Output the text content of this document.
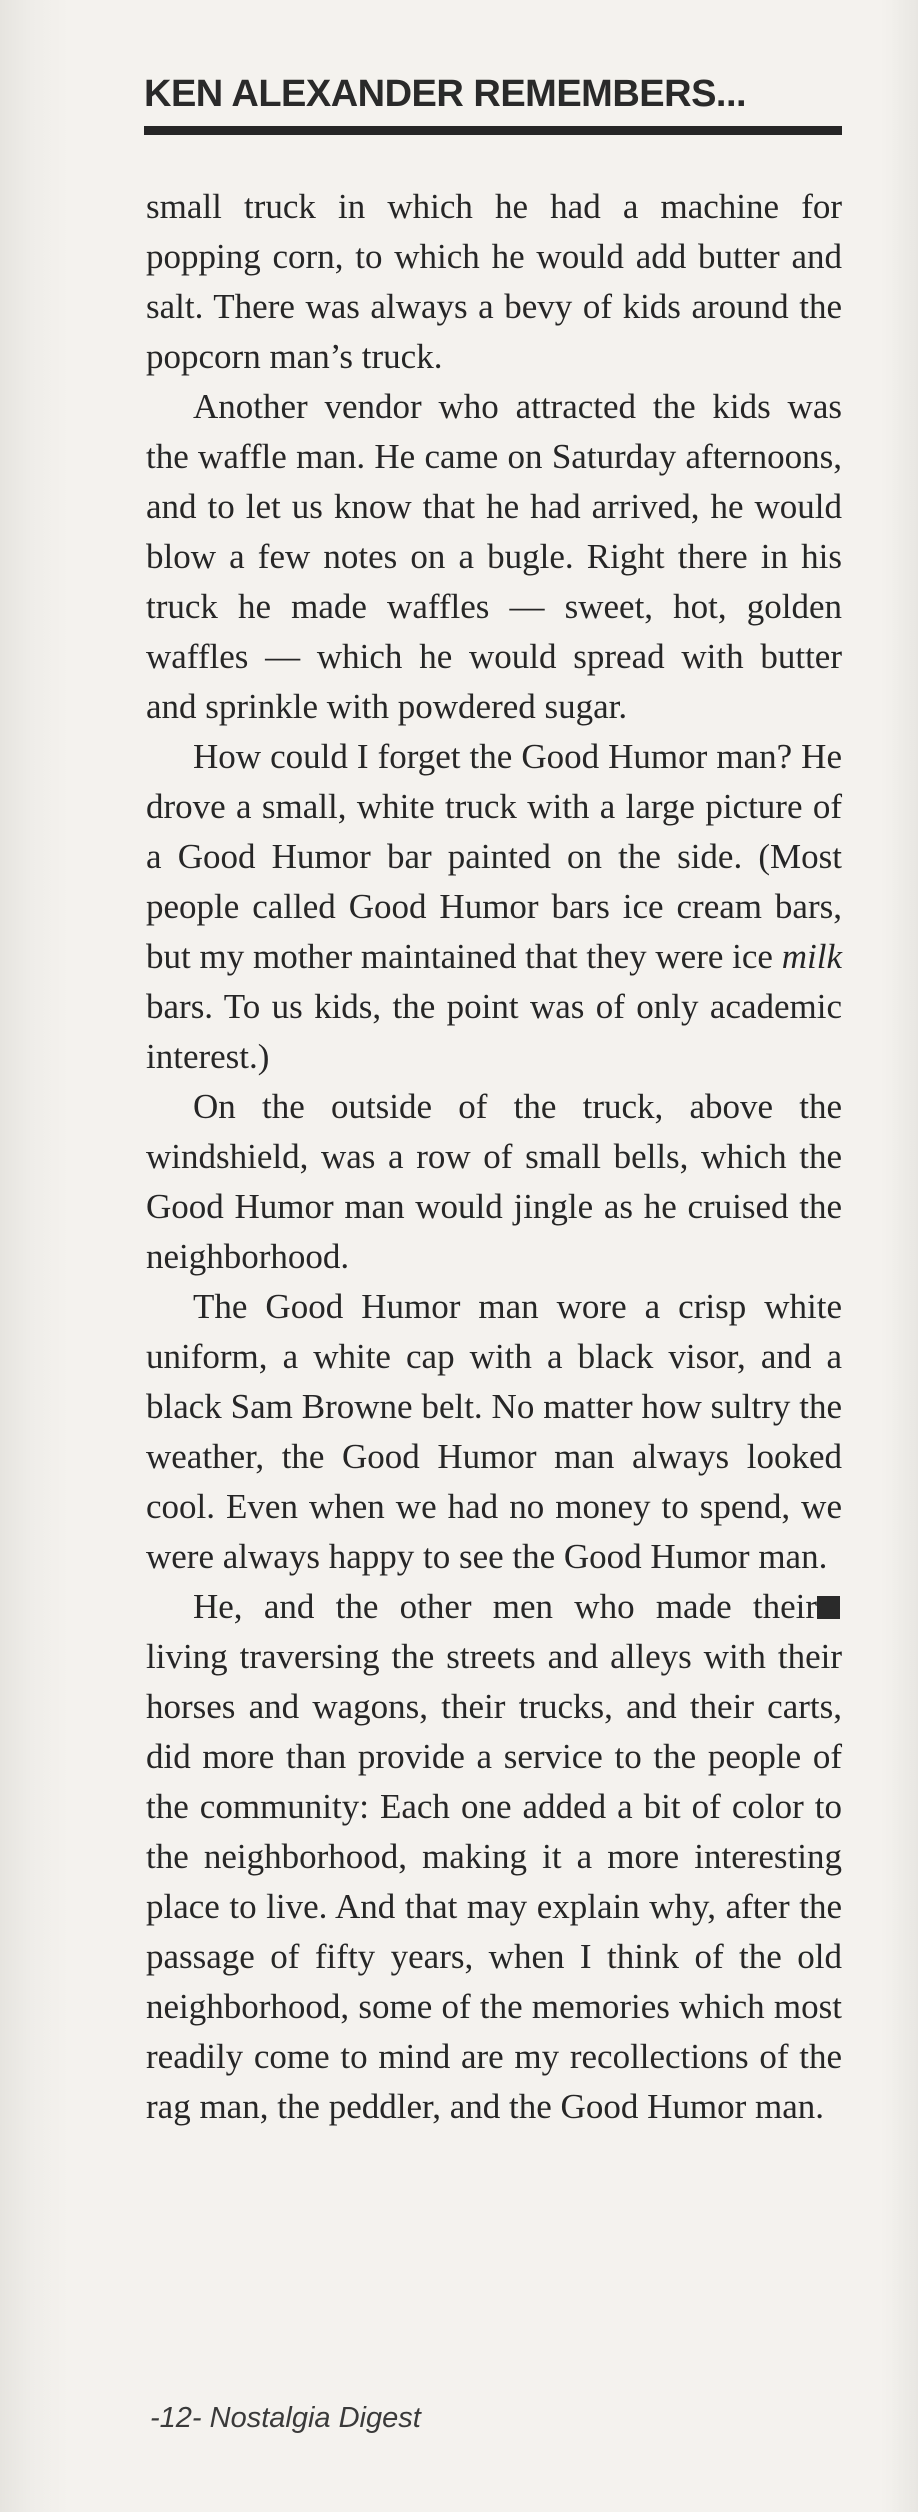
KEN ALEXANDER REMEMBERS...

small truck in which he had a machine for popping corn, to which he would add butter and salt. There was always a bevy of kids around the popcorn man’s truck.

Another vendor who attracted the kids was the waffle man. He came on Saturday afternoons, and to let us know that he had arrived, he would blow a few notes on a bugle. Right there in his truck he made waffles — sweet, hot, golden waffles — which he would spread with butter and sprinkle with powdered sugar.

How could I forget the Good Humor man? He drove a small, white truck with a large picture of a Good Humor bar painted on the side. (Most people called Good Humor bars ice cream bars, but my mother maintained that they were ice milk bars. To us kids, the point was of only academic interest.)

On the outside of the truck, above the windshield, was a row of small bells, which the Good Humor man would jingle as he cruised the neighborhood.

The Good Humor man wore a crisp white uniform, a white cap with a black visor, and a black Sam Browne belt. No matter how sultry the weather, the Good Humor man always looked cool. Even when we had no money to spend, we were always happy to see the Good Humor man.

He, and the other men who made their living traversing the streets and alleys with their horses and wagons, their trucks, and their carts, did more than provide a service to the people of the community: Each one added a bit of color to the neighborhood, making it a more interesting place to live. And that may explain why, after the passage of fifty years, when I think of the old neighborhood, some of the memories which most readily come to mind are my recollections of the rag man, the peddler, and the Good Humor man.

-12- Nostalgia Digest
